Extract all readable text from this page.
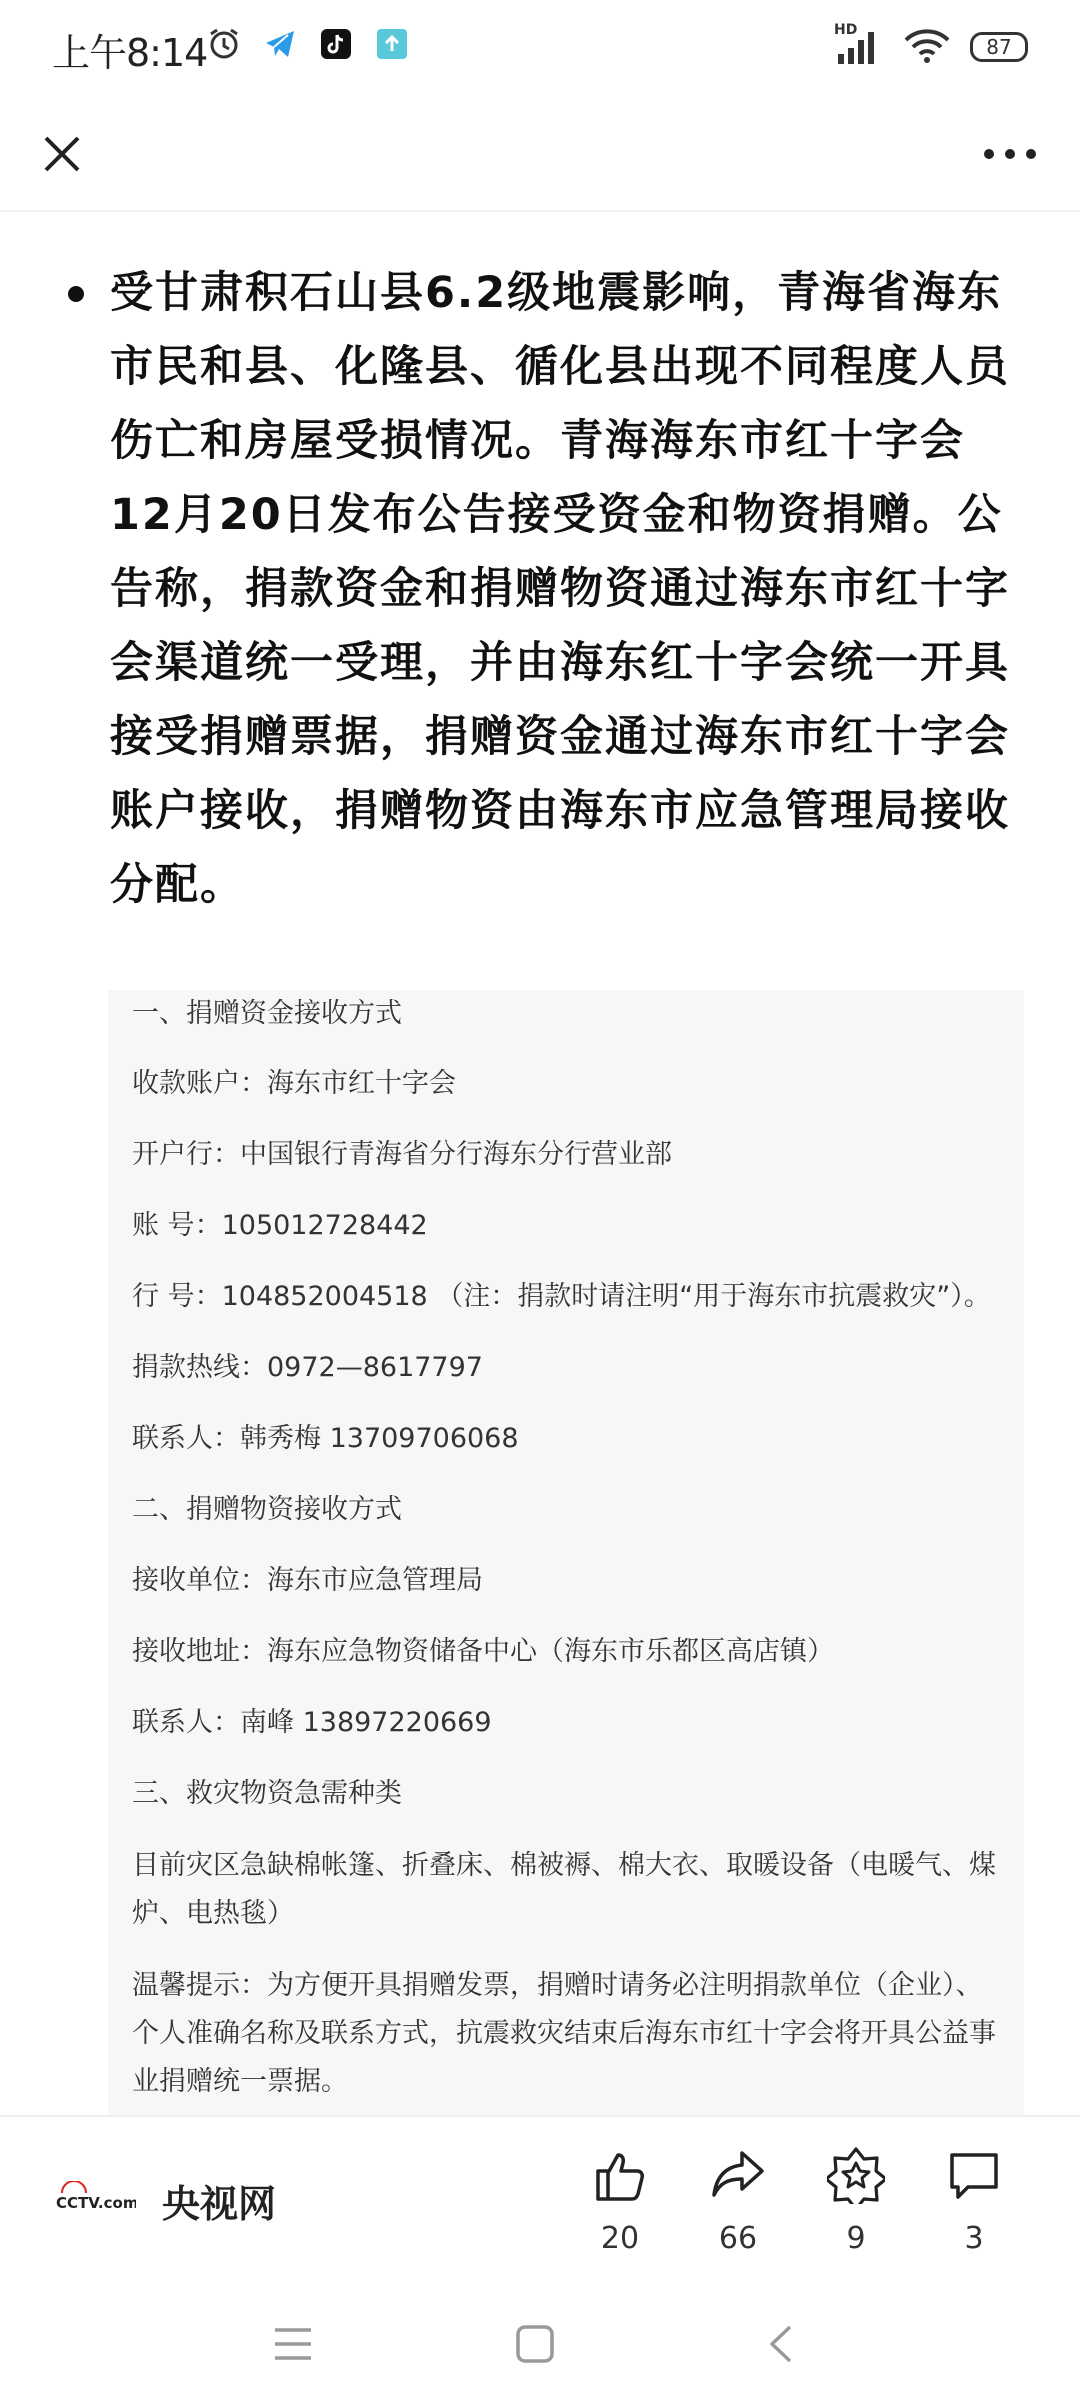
上午8:14
HD
87
受甘肃积石山县6.2级地震影响，青海省海东市民和县、化隆县、循化县出现不同程度人员伤亡和房屋受损情况。青海海东市红十字会12月20日发布公告接受资金和物资捐赠。公告称，捐款资金和捐赠物资通过海东市红十字会渠道统一受理，并由海东红十字会统一开具接受捐赠票据，捐赠资金通过海东市红十字会账户接收，捐赠物资由海东市应急管理局接收分配。
一、捐赠资金接收方式
收款账户：海东市红十字会
开户行：中国银行青海省分行海东分行营业部
账 号：105012728442
行 号：104852004518 （注：捐款时请注明“用于海东市抗震救灾”）。
捐款热线：0972—8617797
联系人：韩秀梅 13709706068
二、捐赠物资接收方式
接收单位：海东市应急管理局
接收地址：海东应急物资储备中心（海东市乐都区高店镇）
联系人：南峰 13897220669
三、救灾物资急需种类
目前灾区急缺棉帐篷、折叠床、棉被褥、棉大衣、取暖设备（电暖气、煤炉、电热毯）
温馨提示：为方便开具捐赠发票，捐赠时请务必注明捐款单位（企业）、个人准确名称及联系方式，抗震救灾结束后海东市红十字会将开具公益事业捐赠统一票据。
CCTV.com 央视网
20	66	9	3
